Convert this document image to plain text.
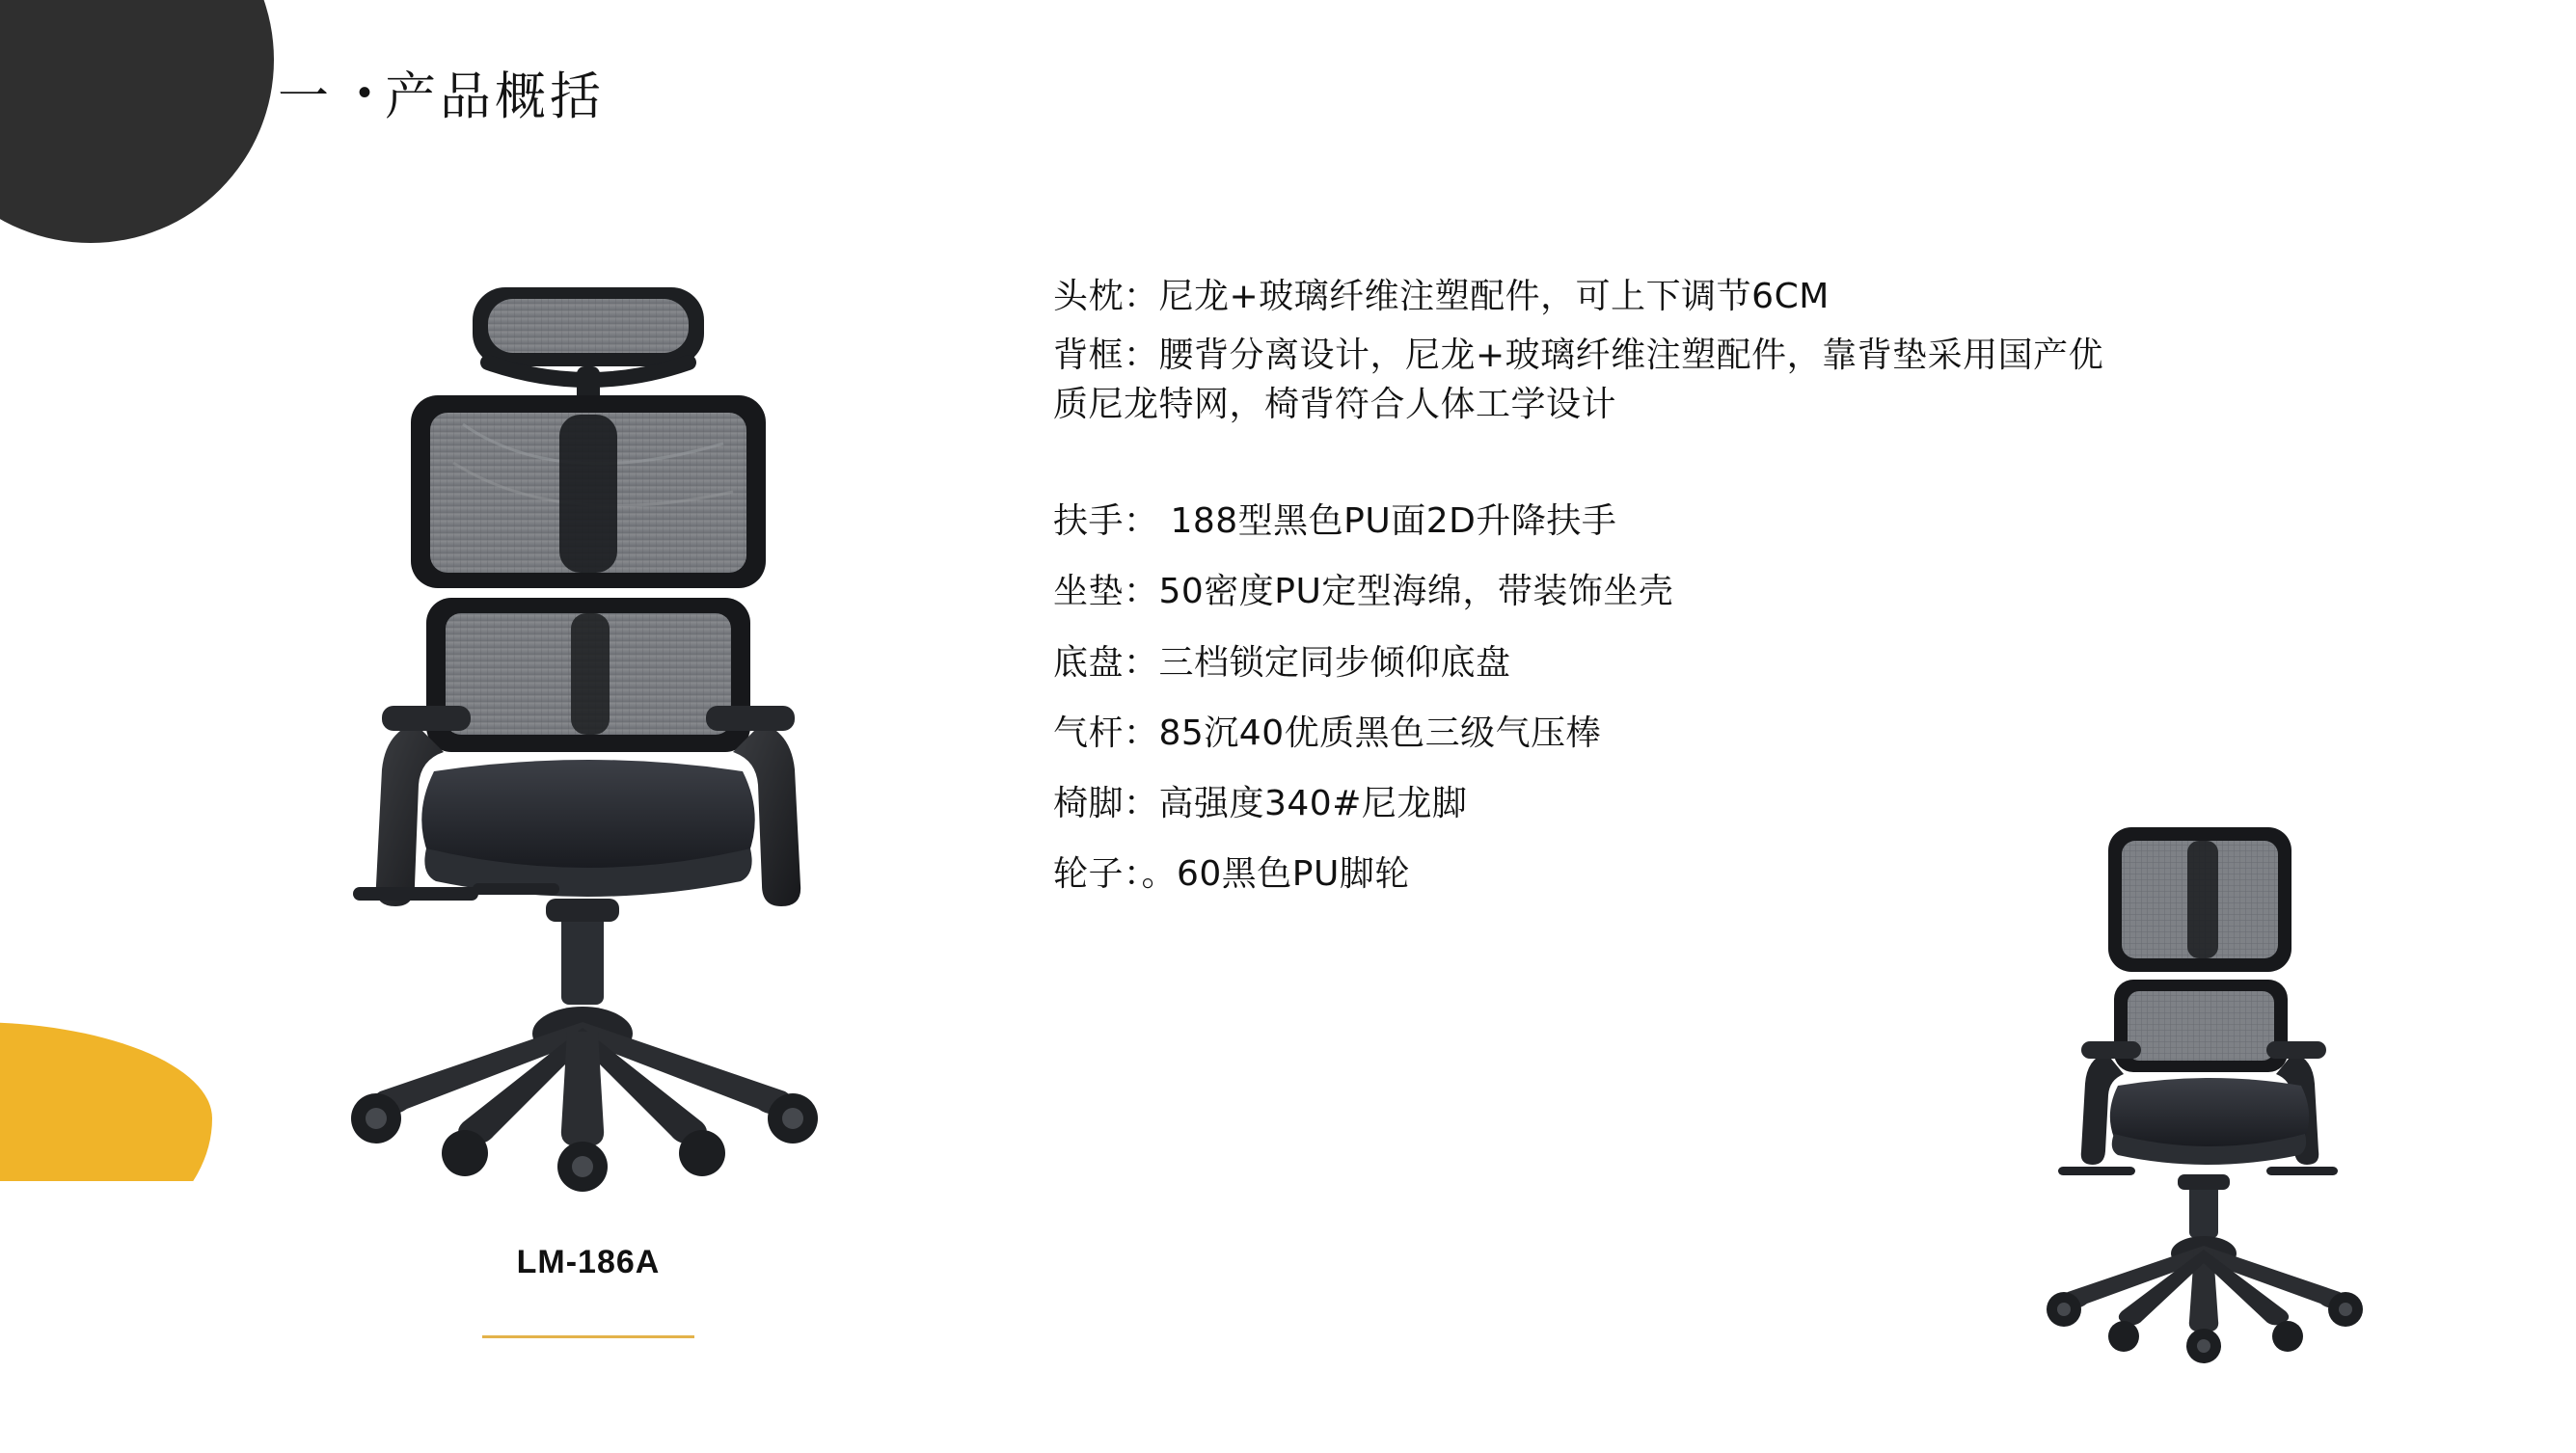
一 • 产品概括
LM-186A
头枕：尼龙+玻璃纤维注塑配件，可上下调节6CM
背框：腰背分离设计，尼龙+玻璃纤维注塑配件，靠背垫采用国产优质尼龙特网，椅背符合人体工学设计
扶手： 188型黑色PU面2D升降扶手
坐垫：50密度PU定型海绵，带装饰坐壳
底盘：三档锁定同步倾仰底盘
气杆：85沉40优质黑色三级气压棒
椅脚：高强度340#尼龙脚
轮子：。60黑色PU脚轮
